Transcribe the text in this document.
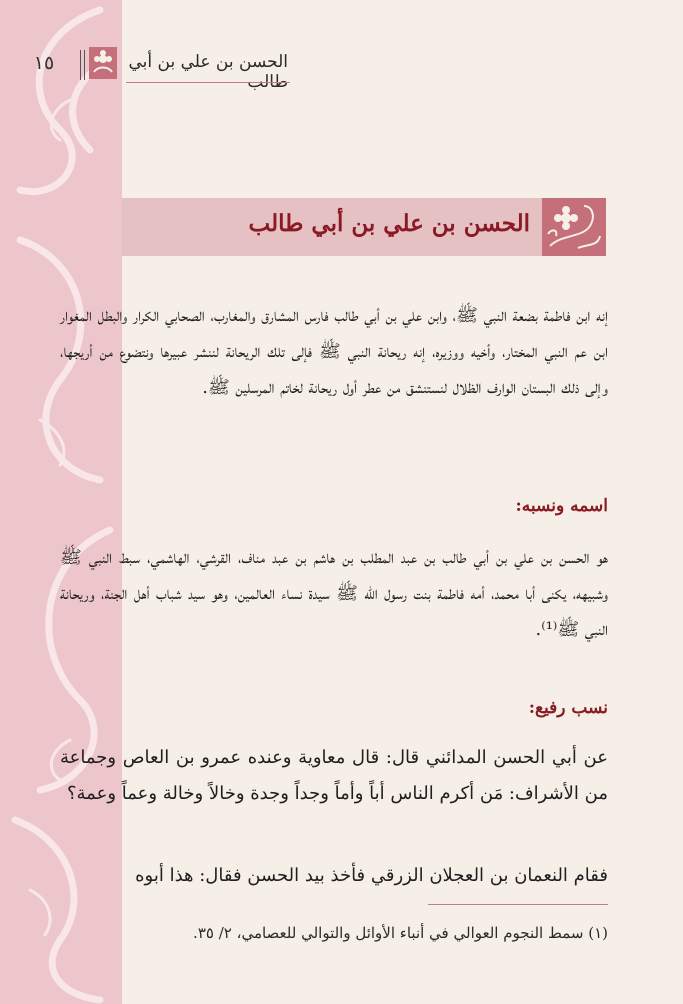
١٥	الحسن بن علي بن أبي طالب
الحسن بن علي بن أبي طالب
إنه ابن فاطمة بضعة النبي ﷺ، وابن علي بن أبي طالب فارس المشارق والمغارب، الصحابي الكرار والبطل المغوار ابن عم النبي المختار، وأخيه ووزيره، إنه ريحانة النبي ﷺ فإلى تلك الريحانة لننشر عبيرها ونتضوع من أريجها، وإلى ذلك البستان الوارف الظلال لنستنشق من عطر أول ريحانة لخاتم المرسلين ﷺ.
اسمه ونسبه:
هو الحسن بن علي بن أبي طالب بن عبد المطلب بن هاشم بن عبد مناف، القرشي، الهاشمي، سبط النبي ﷺ وشبيهه، يكنى أبا محمد، أمه فاطمة بنت رسول الله ﷺ سيدة نساء العالمين، وهو سيد شباب أهل الجنة، وريحانة النبي ﷺ⁽¹⁾.
نسب رفيع:
عن أبي الحسن المدائني قال: قال معاوية وعنده عمرو بن العاص وجماعة من الأشراف: مَن أكرم الناس أباً وأماً وجداً وجدة وخالاً وخالة وعماً وعمة؟
فقام النعمان بن العجلان الزرقي فأخذ بيد الحسن فقال: هذا أبوه
(١) سمط النجوم العوالي في أنباء الأوائل والتوالي للعصامي، ٢/ ٣٥.
